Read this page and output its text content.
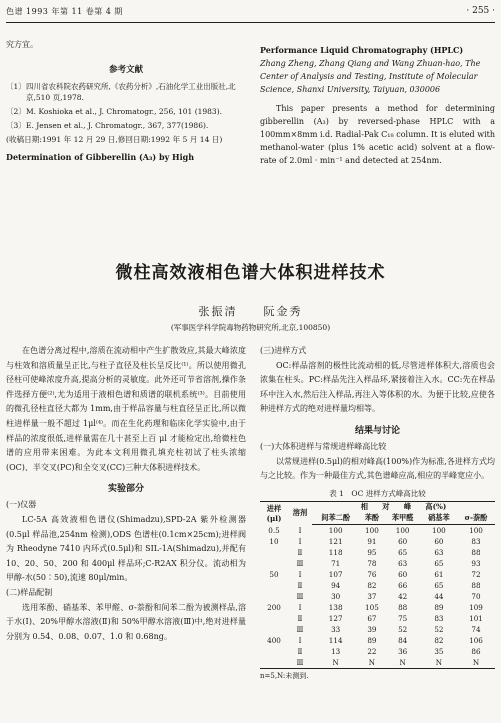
色谱 1993 年第 11 卷第 4 期	· 255 ·
究方宜。
参考文献
〔1〕 四川省农科院农药研究所,《农药分析》,石油化学工业出版社,北京,510 页,1978.
〔2〕 M. Koshioka et al., J. Chromatogr., 256, 101 (1983).
〔3〕 E. Jensen et al., J. Chromatogr., 367, 377(1986).
(收稿日期:1991 年 12 月 29 日,修回日期:1992 年 5 月 14 日)
Determination of Gibberellin (A₃) by High
Performance Liquid Chromatography (HPLC)
Zhang Zheng, Zhang Qiang and Wang Zhuan-hao, The Center of Analysis and Testing, Institute of Molecular Science, Shanxi University, Taiyuan, 030006
This paper presents a method for determining gibberellin (A₃) by reversed-phase HPLC with a 100mm×8mm i.d. Radial-Pak C₁₈ column. It is eluted with methanol-water (plus 1% acetic acid) solvent at a flow-rate of 2.0ml · min⁻¹ and detected at 254nm.
微柱高效液相色谱大体积进样技术
张振清　　阮金秀
(军事医学科学院毒物药物研究所,北京,100850)

在色谱分离过程中,溶质在流动相中产生扩散效应,其最大峰浓度与柱效和溶质量呈正比,与柱子直径及柱长呈反比⁽¹⁾。所以使用微孔径柱可使峰浓度升高,提高分析的灵敏度。此外还可节省溶剂,操作条件选择方便⁽²⁾,尤为适用于液相色谱和质谱的联机系统⁽³⁾。目前使用的微孔径柱直径大都为 1mm,由于样品容量与柱直径呈正比,所以微柱进样量一般不超过 1μl⁽⁴⁾。而在生化药理和临床化学实验中,由于样品的浓度很低,进样量需在几十甚至上百 μl 才能检定出,给微柱色谱的应用带来困难。为此本文利用微孔填充柱初试了柱头浓缩(OC)、半交叉(PC)和全交叉(CC)三种大体积进样技术。

实验部分

(一)仪器

LC-5A 高效液相色谱仪(Shimadzu),SPD-2A 紫外检测器(0.5μl 样品池,254nm 检测),ODS 色谱柱(0.1cm×25cm);进样阀为 Rheodyne 7410 内环式(0.5μl)和 SIL-1A(Shimadzu),并配有 10、20、50、200 和 400μl 样品环;C-R2AX 积分仪。流动相为甲醇-水(50∶50),流速 80μl/min。

(二)样品配制

选用苯酚、硝基苯、苯甲醛、σ-萘酚和间苯二酚为被测样品,溶于水(Ⅰ)、20%甲醇水溶液(Ⅱ)和 50%甲醇水溶液(Ⅲ)中,绝对进样量分别为 0.54、0.08、0.07、1.0 和 0.68ng。

(三)进样方式

OC:样品溶剂的极性比流动相的低,尽管进样体积大,溶质也会浓集在柱头。PC:样品先注入样品环,紧接着注入水。CC:先在样品环中注入水,然后注入样品,再注入等体积的水。为便于比较,应使各种进样方式的绝对进样量均相等。

结果与讨论

(一)大体积进样与常规进样峰高比较

以常规进样(0.5μl)的相对峰高(100%)作为标准,各进样方式均与之比较。作为一种最佳方式,其色谱峰应高,相应的半峰宽应小。

表 1　OC 进样方式峰高比较
进样 (μl)	溶剂	相　　对　　峰　　高(%)				
		间苯二酚	苯酚	苯甲醛	硝基苯	σ-萘酚
0.5	Ⅰ	100	100	100	100	100
10	Ⅰ	121	91	60	60	83
	Ⅱ	118	95	65	63	88
	Ⅲ	71	78	63	65	93
50	Ⅰ	107	76	60	61	72
	Ⅱ	94	82	66	65	88
	Ⅲ	30	37	42	44	70
200	Ⅰ	138	105	88	89	109
	Ⅱ	127	67	75	83	101
	Ⅲ	33	39	52	52	74
400	Ⅰ	114	89	84	82	106
	Ⅱ	13	22	36	35	86
	Ⅲ	N	N	N	N	N
n=5,N:未测到.
